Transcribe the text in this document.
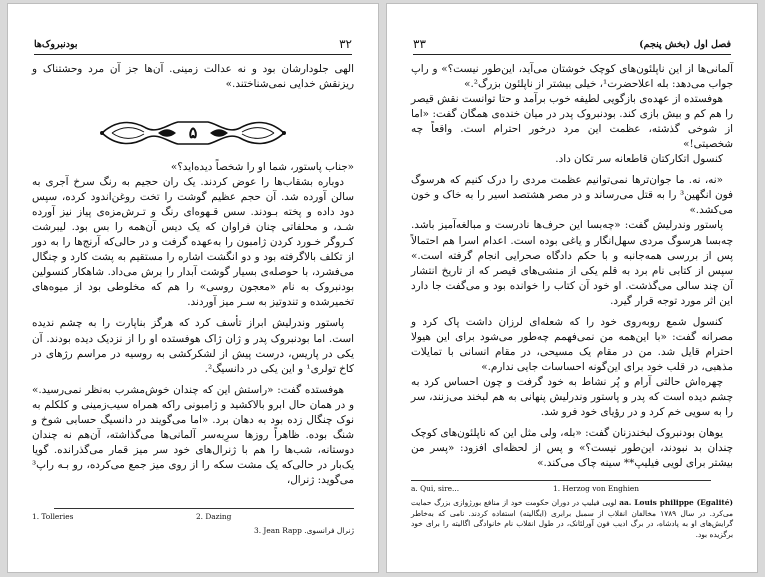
بودنبروک‌ها	۳۲

الهی جلودارشان بود و نه عدالت زمینی. آن‌ها جز آن مرد وحشتناک و ریزنقش خدایی نمی‌شناختند.»

۵

«جناب پاستور، شما او را شخصاً دیده‌اید؟»

دوباره بشقاب‌ها را عوض کردند. یک ران حجیم به رنگ سرخ آجری به سالن آورده شد. آن حجم عظیم گوشت را تخت روغن‌اندود کرده، سپس دود داده و پخته بـودند. سس قـهوه‌ای رنگ و تـرش‌مزه‌ی پیاز نیز آورده شـد، و محلفاتی چنان فراوان که یک دیس آن‌همه را بس بود. لیبرشت کـروگر خـورد کردن ژامبون را به‌عهده گرفت و در حالی‌که آرنج‌ها را به دور از تکلف بالاگرفته بود و دو انگشت اشاره را مستقیم به پشت کارد و چنگال می‌فشرد، با حوصله‌ی بسیار گوشت آبدار را برش می‌داد. شاهکار کنسولین بودنبروک به نام «معجون روسی» را هم که مخلوطی بود از میوه‌های تخمیرشده و تندوتیز به سـر میز آوردند.

پاستور وندرلیش ابراز تأسف کرد که هرگز بناپارت را به چشم ندیده است. اما بودنبروک پدر و ژان ژاک هوفستده او را از نزدیک دیده بودند. آن یکی در پاریس، درست پیش از لشکرکشی به روسیه در مراسم رژهای در کاخ تولری¹ و این یکی در دانسیگ².

هوفستده گفت: «راستش این که چندان خوش‌مشرب به‌نظر نمی‌رسید.» و در همان حال ابرو بالاکشید و ژامبونی راکه همراه سیب‌زمینی و کلکلم به نوک چنگال زده بود به دهان برد. «اما می‌گویند در دانسیگ حسابی شوخ و شنگ بوده. ظاهراً روزها سرِبه‌سر آلمانی‌ها می‌گذاشته، آن‌هم نه چندان دوستانه، شب‌ها را هم با ژنرال‌های خود سر میز قمار می‌گذرانده. گویا یک‌بار در حالی‌که یک مشت سکه را از روی میز جمع می‌کرده، رو بـه راپ³ می‌گوید: ژنرال،

1. Tolleries	2. Dazing
ژنرال فرانسوی. 3. Jean Rapp
۳۳	فصل اول (بخش پنجم)

آلمانی‌ها از این ناپلئون‌های کوچک خوشتان می‌آید، این‌طور نیست؟» و راپ جواب می‌دهد: بله اعلاحضرت¹، خیلی بیشتر از ناپلئون بزرگ².»

هوفستده از عهده‌ی بازگویی لطیفه خوب برآمد و حتا توانست نقش قیصر را هم کم و بیش بازی کند. بودنبروک پدر در میان خنده‌ی همگان گفت: «اما از شوخی گذشته، عظمت این مرد درخور احترام است. واقعاً چه شخصیتی!»

کنسول اتکارکتان قاطعانه سر تکان داد.

«نه، نه. ما جوان‌تر‌ها نمی‌توانیم عظمت مردی را درک کنیم که هرسوگ فون انگهین³ را به قتل می‌رساند و در مصر هشتصد اسیر را به خاک و خون می‌کشد.»

پاستور وندرلیش گفت: «چه‌بسا این حرف‌ها نادرست و مبالغه‌آمیز باشد. چه‌بسا هرسوگ مردی سهل‌انگار و یاغی بوده است. اعدام اسرا هم احتمالاً پس از بررسی همه‌جانبه و با حکم دادگاه صحرایی انجام گرفته است.» سپس از کتابی نام برد به قلم یکی از منشی‌های قیصر که از تاریخ انتشار آن چند سالی می‌گذشت. او خود آن کتاب را خوانده بود و می‌گفت جا دارد این اثر مورد توجه قرار گیرد.

کنسول شمع روبه‌روی خود را که شعله‌ای لرزان داشت پاک کرد و مصرانه گفت: «با این‌همه من نمی‌فهمم چه‌طور می‌شود برای این هیولا احترام قایل شد. من در مقام یک مسیحی، در مقام انسانی با تمایلات مذهبی، در قلب خود برای این‌گونه احساسات جایی ندارم.»

چهره‌اش حالتی آرام و پُر نشاط به خود گرفت و چون احساس کرد به چشم دیده است که پدر و پاستور وندرلیش پنهانی به هم لبخند می‌زنند، سر را به سویی خم کرد و در رؤیای خود فرو شد.

یوهان بودنبروک لبخندزنان گفت: «بله، ولی مثل این که ناپلئون‌های کوچک چندان بد نبودند، این‌طور نیست؟» و پس از لحظه‌ای افزود: «پسر من بیشتر برای لویی فیلیپ** سینه چاک می‌کند.»

a. Qui, sire...	1. Herzog von Enghien
aa. Louis philippe (Egalité) لویی فیلیپ در دوران حکومت خود از منافع بورژوازی بزرگ حمایت می‌کرد. در سال ۱۷۸۹ مخالفان انقلاب از سمبل برابری (ایگالیته) استفاده کردند. نامی که به‌خاطر گرایش‌های او به پادشاه، در برگ ادیب فون آورلئانک، در طول انقلاب نام خانوادگی اگالیته را برای خود برگزیده بود.
